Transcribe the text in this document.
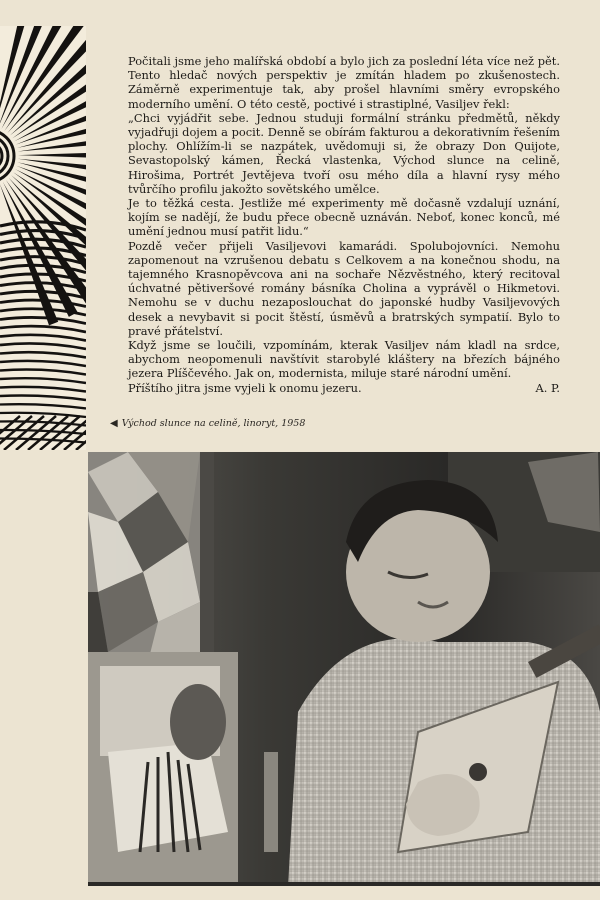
Počitali jsme jeho malířská období a bylo jich za poslední léta více než pět. Tento hledač nových perspektiv je zmítán hladem po zkušenostech. Záměrně experimentuje tak, aby prošel hlavními směry evropského moderního umění. O této cestě, poctivé i strastiplné, Vasiljev řekl:

„Chci vyjádřit sebe. Jednou studuji formální stránku předmětů, někdy vyjadřuji dojem a pocit. Denně se obírám fakturou a dekorativním řešením plochy. Ohlížím-li se nazpátek, uvědomuji si, že obrazy Don Quijote, Sevastopolský kámen, Řecká vlastenka, Východ slunce na celině, Hirošima, Portrét Jevtějeva tvoří osu mého díla a hlavní rysy mého tvůrčího profilu jakožto sovětského umělce.

Je to těžká cesta. Jestliže mé experimenty mě dočasně vzdalují uznání, kojím se nadějí, že budu přece obecně uznáván. Neboť, konec konců, mé umění jednou musí patřit lidu.“

Pozdě večer přijeli Vasiljevovi kamarádi. Spolubojovníci. Nemohu zapomenout na vzrušenou debatu s Celkovem a na konečnou shodu, na tajemného Krasnopěvcova ani na sochaře Nězvěstného, který recitoval úchvatné pětiveršové romány básníka Cholina a vyprávěl o Hikmetovi. Nemohu se v duchu nezaposlouchat do japonské hudby Vasiljevových desek a nevybavit si pocit štěstí, úsměvů a bratrských sympatií. Bylo to pravé přátelství.

Když jsme se loučili, vzpomínám, kterak Vasiljev nám kladl na srdce, abychom neopomenuli navštívit starobylé kláštery na březích bájného jezera Plíščevého. Jak on, modernista, miluje staré národní umění.

Příštího jitra jsme vyjeli k onomu jezeru.	A. P.
◀ Východ slunce na celině, linoryt, 1958
